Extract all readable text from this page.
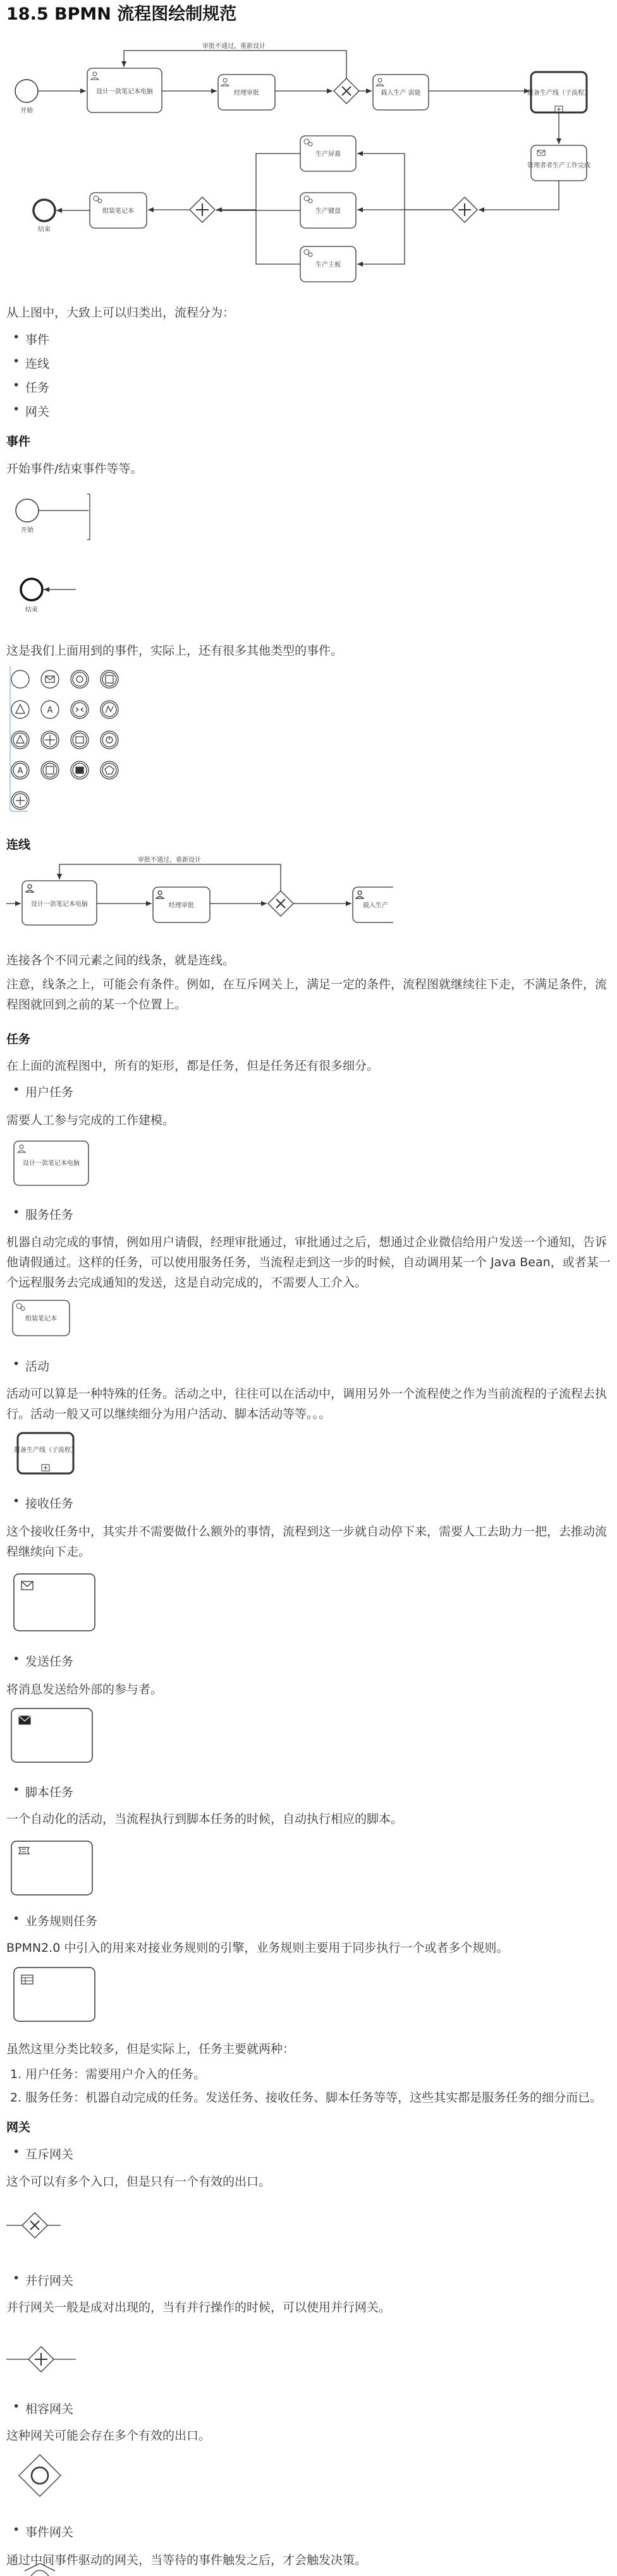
18.5 BPMN 流程图绘制规范
开始
结束
审批不通过，重新设计
设计一款笔记本电脑	经理审批	载入生产 需能	报备生产线（子流程）
管理者者生产工作完成
生产屏幕
生产键盘
生产主板
组装笔记本
从上图中，大致上可以归类出，流程分为：
• 事件
• 连线
• 任务
• 网关
事件
开始事件/结束事件等等。
开始
结束
这是我们上面用到的事件，实际上，还有很多其他类型的事件。
A
A
连线
设计一款笔记本电脑	经理审批	载入生产
审批不通过，重新设计
连接各个不同元素之间的线条，就是连线。
注意，线条之上，可能会有条件。例如，在互斥网关上，满足一定的条件，流程图就继续往下走，不满足条件，流程图就回到之前的某一个位置上。
任务
在上面的流程图中，所有的矩形，都是任务，但是任务还有很多细分。
• 用户任务
需要人工参与完成的工作建模。
设计一款笔记本电脑
• 服务任务
机器自动完成的事情，例如用户请假，经理审批通过，审批通过之后，想通过企业微信给用户发送一个通知，告诉他请假通过。这样的任务，可以使用服务任务，当流程走到这一步的时候，自动调用某一个 Java Bean，或者某一个远程服务去完成通知的发送，这是自动完成的，不需要人工介入。
组装笔记本
• 活动
活动可以算是一种特殊的任务。活动之中，往往可以在活动中，调用另外一个流程使之作为当前流程的子流程去执行。活动一般又可以继续细分为用户活动、脚本活动等等。。。
报备生产线（子流程）
• 接收任务
这个接收任务中，其实并不需要做什么额外的事情，流程到这一步就自动停下来，需要人工去助力一把，去推动流程继续向下走。
• 发送任务
将消息发送给外部的参与者。
• 脚本任务
一个自动化的活动，当流程执行到脚本任务的时候，自动执行相应的脚本。
• 业务规则任务
BPMN2.0 中引入的用来对接业务规则的引擎，业务规则主要用于同步执行一个或者多个规则。
虽然这里分类比较多，但是实际上，任务主要就两种：
1. 用户任务：需要用户介入的任务。
2. 服务任务：机器自动完成的任务。发送任务、接收任务、脚本任务等等，这些其实都是服务任务的细分而已。
网关
• 互斥网关
这个可以有多个入口，但是只有一个有效的出口。
• 并行网关
并行网关一般是成对出现的，当有并行操作的时候，可以使用并行网关。
• 相容网关
这种网关可能会存在多个有效的出口。
• 事件网关
通过中间事件驱动的网关，当等待的事件触发之后，才会触发决策。
